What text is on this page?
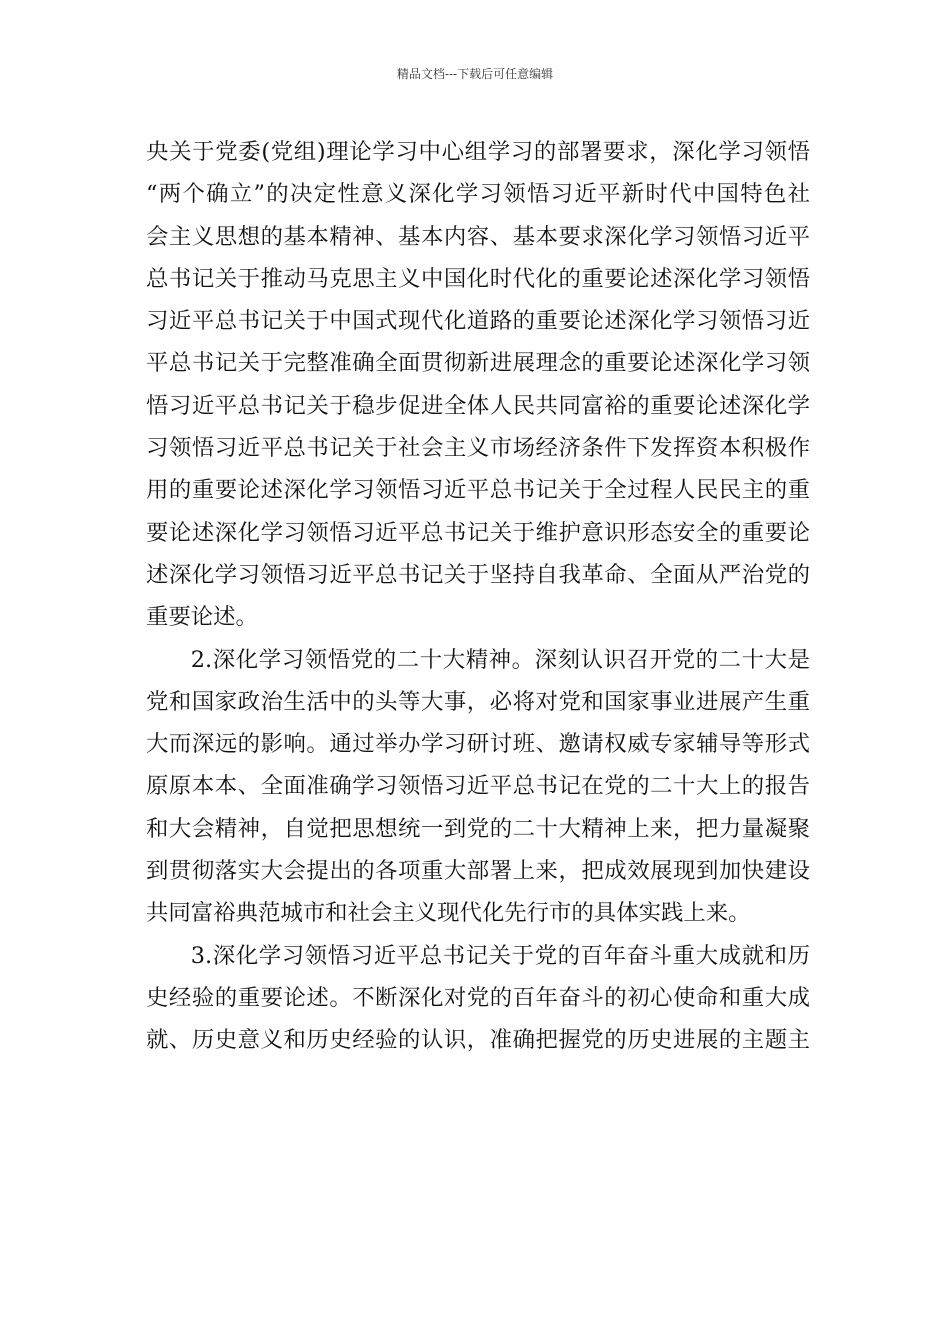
精品文档---下载后可任意编辑
央关于党委(党组)理论学习中心组学习的部署要求，深化学习领悟
“两个确立”的决定性意义深化学习领悟习近平新时代中国特色社
会主义思想的基本精神、基本内容、基本要求深化学习领悟习近平
总书记关于推动马克思主义中国化时代化的重要论述深化学习领悟
习近平总书记关于中国式现代化道路的重要论述深化学习领悟习近
平总书记关于完整准确全面贯彻新进展理念的重要论述深化学习领
悟习近平总书记关于稳步促进全体人民共同富裕的重要论述深化学
习领悟习近平总书记关于社会主义市场经济条件下发挥资本积极作
用的重要论述深化学习领悟习近平总书记关于全过程人民民主的重
要论述深化学习领悟习近平总书记关于维护意识形态安全的重要论
述深化学习领悟习近平总书记关于坚持自我革命、全面从严治党的
重要论述。
2.深化学习领悟党的二十大精神。深刻认识召开党的二十大是
党和国家政治生活中的头等大事，必将对党和国家事业进展产生重
大而深远的影响。通过举办学习研讨班、邀请权威专家辅导等形式
原原本本、全面准确学习领悟习近平总书记在党的二十大上的报告
和大会精神，自觉把思想统一到党的二十大精神上来，把力量凝聚
到贯彻落实大会提出的各项重大部署上来，把成效展现到加快建设
共同富裕典范城市和社会主义现代化先行市的具体实践上来。
3.深化学习领悟习近平总书记关于党的百年奋斗重大成就和历
史经验的重要论述。不断深化对党的百年奋斗的初心使命和重大成
就、历史意义和历史经验的认识，准确把握党的历史进展的主题主
